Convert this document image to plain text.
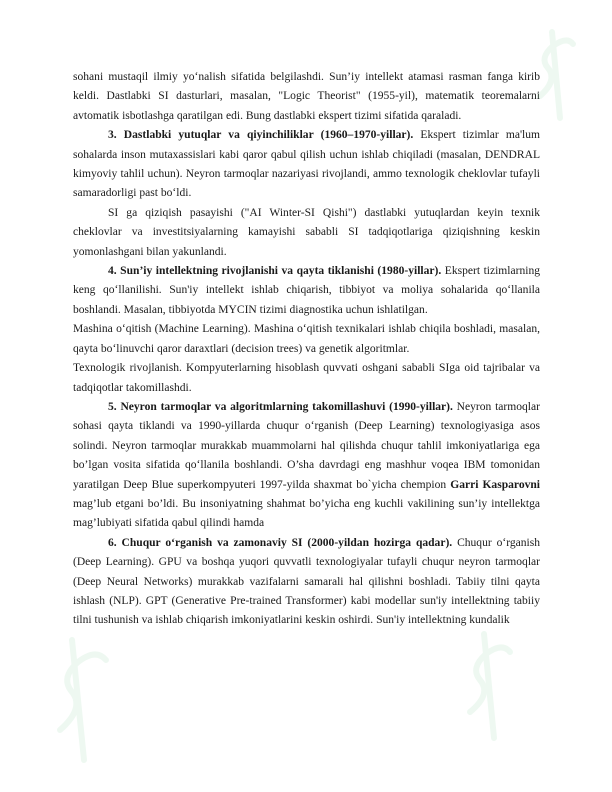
sohani mustaqil ilmiy yo‘nalish sifatida belgilashdi. Sun’iy intellekt atamasi rasman fanga kirib keldi. Dastlabki SI dasturlari, masalan, "Logic Theorist" (1955-yil), matematik teoremalarni avtomatik isbotlashga qaratilgan edi. Bung dastlabki ekspert tizimi sifatida qaraladi.

3. Dastlabki yutuqlar va qiyinchiliklar (1960–1970-yillar). Ekspert tizimlar ma'lum sohalarda inson mutaxassislari kabi qaror qabul qilish uchun ishlab chiqiladi (masalan, DENDRAL kimyoviy tahlil uchun). Neyron tarmoqlar nazariyasi rivojlandi, ammo texnologik cheklovlar tufayli samaradorligi past bo‘ldi.

SI ga qiziqish pasayishi ("AI Winter-SI Qishi") dastlabki yutuqlardan keyin texnik cheklovlar va investitsiyalarning kamayishi sababli SI tadqiqotlariga qiziqishning keskin yomonlashgani bilan yakunlandi.

4. Sun’iy intellektning rivojlanishi va qayta tiklanishi (1980-yillar). Ekspert tizimlarning keng qo‘llanilishi. Sun'iy intellekt ishlab chiqarish, tibbiyot va moliya sohalarida qo‘llanila boshlandi. Masalan, tibbiyotda MYCIN tizimi diagnostika uchun ishlatilgan.

Mashina o‘qitish (Machine Learning). Mashina o‘qitish texnikalari ishlab chiqila boshladi, masalan, qayta bo‘linuvchi qaror daraxtlari (decision trees) va genetik algoritmlar.

Texnologik rivojlanish. Kompyuterlarning hisoblash quvvati oshgani sababli SIga oid tajribalar va tadqiqotlar takomillashdi.

5. Neyron tarmoqlar va algoritmlarning takomillashuvi (1990-yillar). Neyron tarmoqlar sohasi qayta tiklandi va 1990-yillarda chuqur o‘rganish (Deep Learning) texnologiyasiga asos solindi. Neyron tarmoqlar murakkab muammolarni hal qilishda chuqur tahlil imkoniyatlariga ega bo’lgan vosita sifatida qo‘llanila boshlandi. O’sha davrdagi eng mashhur voqea IBM tomonidan yaratilgan Deep Blue superkompyuteri 1997-yilda shaxmat bo`yicha chempion Garri Kasparovni mag’lub etgani bo’ldi. Bu insoniyatning shahmat bo’yicha eng kuchli vakilining sun’iy intellektga mag’lubiyati sifatida qabul qilindi hamda

6. Chuqur o‘rganish va zamonaviy SI (2000-yildan hozirga qadar). Chuqur o‘rganish (Deep Learning). GPU va boshqa yuqori quvvatli texnologiyalar tufayli chuqur neyron tarmoqlar (Deep Neural Networks) murakkab vazifalarni samarali hal qilishni boshladi. Tabiiy tilni qayta ishlash (NLP). GPT (Generative Pre-trained Transformer) kabi modellar sun'iy intellektning tabiiy tilni tushunish va ishlab chiqarish imkoniyatlarini keskin oshirdi. Sun'iy intellektning kundalik
